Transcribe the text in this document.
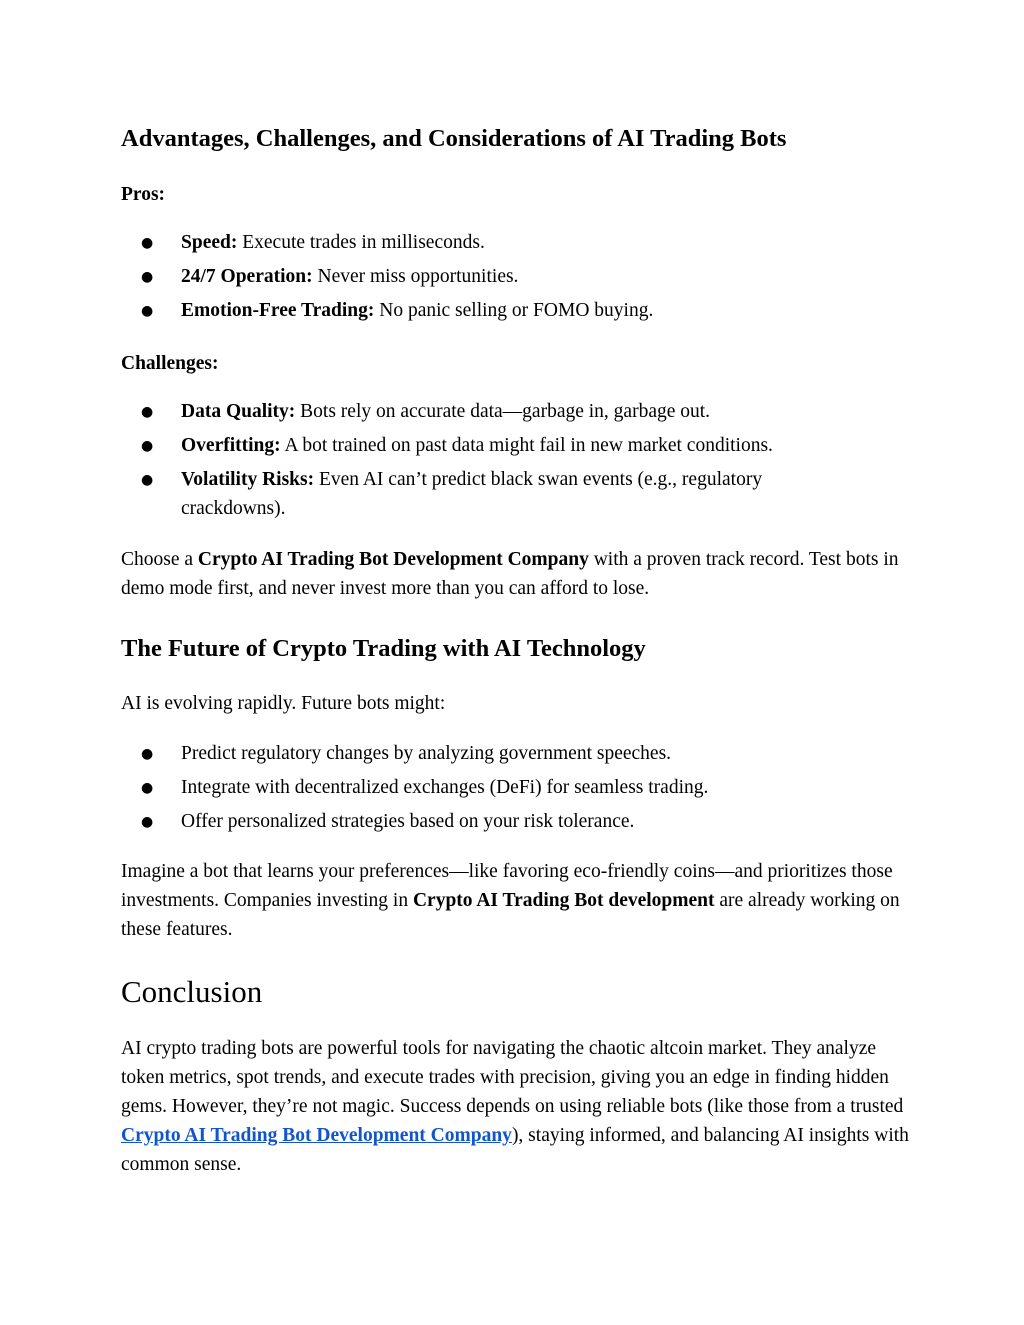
Advantages, Challenges, and Considerations of AI Trading Bots

Pros:

● Speed: Execute trades in milliseconds.
● 24/7 Operation: Never miss opportunities.
● Emotion-Free Trading: No panic selling or FOMO buying.

Challenges:

● Data Quality: Bots rely on accurate data—garbage in, garbage out.
● Overfitting: A bot trained on past data might fail in new market conditions.
● Volatility Risks: Even AI can’t predict black swan events (e.g., regulatory crackdowns).

Choose a Crypto AI Trading Bot Development Company with a proven track record. Test bots in demo mode first, and never invest more than you can afford to lose.

The Future of Crypto Trading with AI Technology

AI is evolving rapidly. Future bots might:

● Predict regulatory changes by analyzing government speeches.
● Integrate with decentralized exchanges (DeFi) for seamless trading.
● Offer personalized strategies based on your risk tolerance.

Imagine a bot that learns your preferences—like favoring eco-friendly coins—and prioritizes those investments. Companies investing in Crypto AI Trading Bot development are already working on these features.

Conclusion

AI crypto trading bots are powerful tools for navigating the chaotic altcoin market. They analyze token metrics, spot trends, and execute trades with precision, giving you an edge in finding hidden gems. However, they’re not magic. Success depends on using reliable bots (like those from a trusted Crypto AI Trading Bot Development Company), staying informed, and balancing AI insights with common sense.
